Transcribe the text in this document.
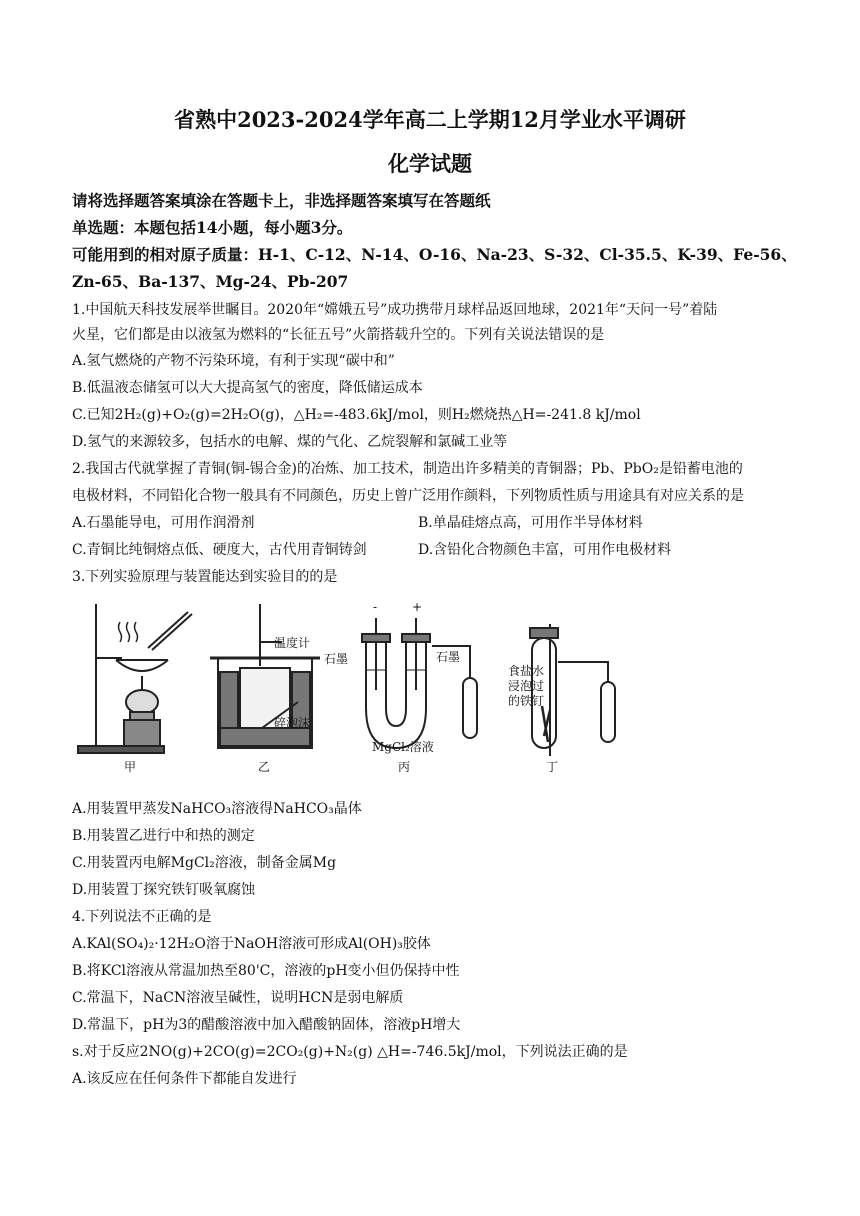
省熟中2023-2024学年高二上学期12月学业水平调研
化学试题
请将选择题答案填涂在答题卡上，非选择题答案填写在答题纸
单选题：本题包括14小题，每小题3分。
可能用到的相对原子质量：H-1、C-12、N-14、O-16、Na-23、S-32、Cl-35.5、K-39、Fe-56、
Zn-65、Ba-137、Mg-24、Pb-207
1.中国航天科技发展举世瞩目。2020年“嫦娥五号”成功携带月球样品返回地球，2021年“天问一号”着陆
火星，它们都是由以液氢为燃料的“长征五号”火箭搭载升空的。下列有关说法错误的是
A.氢气燃烧的产物不污染环境，有利于实现“碳中和”
B.低温液态储氢可以大大提高氢气的密度，降低储运成本
C.已知2H₂(g)+O₂(g)=2H₂O(g)，△H₂=-483.6kJ/mol，则H₂燃烧热△H=-241.8 kJ/mol
D.氢气的来源较多，包括水的电解、煤的气化、乙烷裂解和氯碱工业等
2.我国古代就掌握了青铜(铜-锡合金)的冶炼、加工技术，制造出许多精美的青铜器；Pb、PbO₂是铅蓄电池的
电极材料，不同铅化合物一般具有不同颜色，历史上曾广泛用作颜料，下列物质性质与用途具有对应关系的是
A.石墨能导电，可用作润滑剂	B.单晶硅熔点高，可用作半导体材料
C.青铜比纯铜熔点低、硬度大，古代用青铜铸剑	D.含铅化合物颜色丰富，可用作电极材料
3.下列实验原理与装置能达到实验目的的是
温度计
碎泡沫
石墨	石墨
-	+
MgCl₂溶液
食盐水
浸泡过
的铁钉
甲	乙	丙	丁
A.用装置甲蒸发NaHCO₃溶液得NaHCO₃晶体
B.用装置乙进行中和热的测定
C.用装置丙电解MgCl₂溶液，制备金属Mg
D.用装置丁探究铁钉吸氧腐蚀
4.下列说法不正确的是
A.KAl(SO₄)₂·12H₂O溶于NaOH溶液可形成Al(OH)₃胶体
B.将KCl溶液从常温加热至80'C，溶液的pH变小但仍保持中性
C.常温下，NaCN溶液呈碱性，说明HCN是弱电解质
D.常温下，pH为3的醋酸溶液中加入醋酸钠固体，溶液pH增大
s.对于反应2NO(g)+2CO(g)=2CO₂(g)+N₂(g) △H=-746.5kJ/mol，下列说法正确的是
A.该反应在任何条件下都能自发进行
